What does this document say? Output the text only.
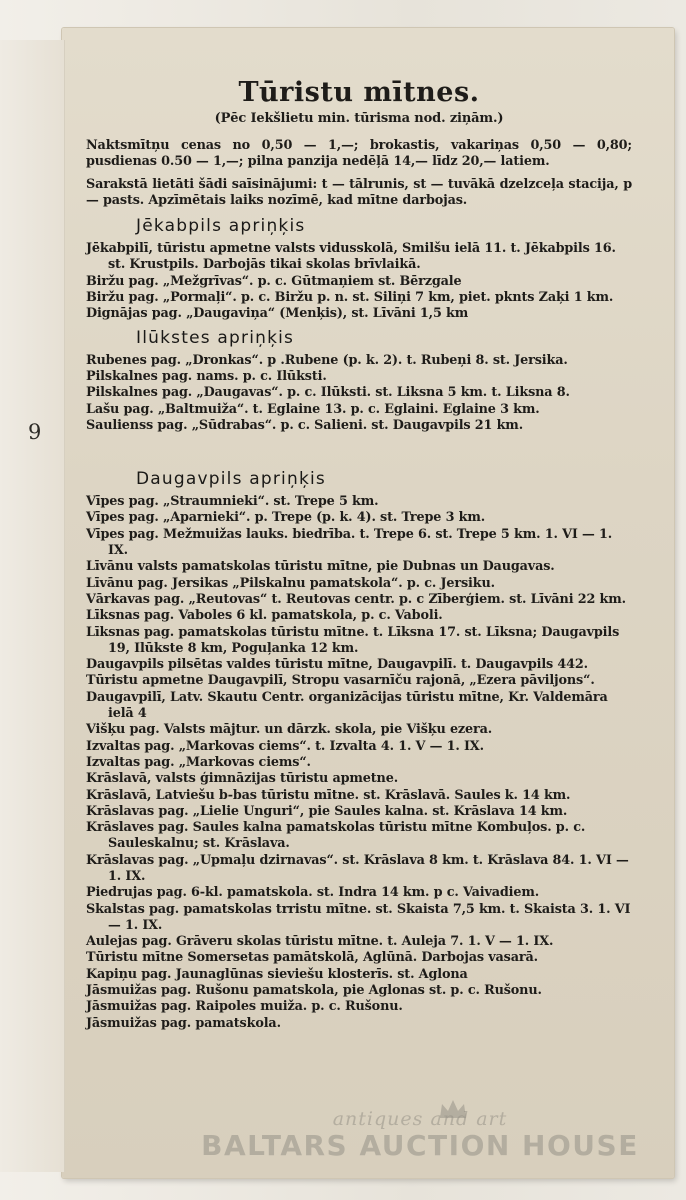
9
Tūristu mītnes.
(Pēc Iekšlietu min. tūrisma nod. ziņām.)
Naktsmītņu cenas no 0,50 — 1,—; brokastis, vakariņas 0,50 — 0,80; pusdienas 0.50 — 1,—; pilna panzija nedēļā 14,— līdz 20,— latiem.
Sarakstā lietāti šādi saīsinājumi: t — tālrunis, st — tuvākā dzelzceļa stacija, p — pasts. Apzīmētais laiks nozīmē, kad mītne darbojas.
Jēkabpils apriņķis
Jēkabpilī, tūristu apmetne valsts vidusskolā, Smilšu ielā 11. t. Jēkabpils 16. st. Krustpils. Darbojās tikai skolas brīvlaikā.
Biržu pag. „Mežgrīvas“. p. c. Gūtmaņiem st. Bērzgale
Biržu pag. „Pormaļi“. p. c. Biržu p. n. st. Siliņi 7 km, piet. pknts Zaķi 1 km.
Dignājas pag. „Daugaviņa“ (Menķis), st. Līvāni 1,5 km
Ilūkstes apriņķis
Rubenes pag. „Dronkas“. p .Rubene (p. k. 2). t. Rubeņi 8. st. Jersika.
Pilskalnes pag. nams. p. c. Ilūksti.
Pilskalnes pag. „Daugavas“. p. c. Ilūksti. st. Liksna 5 km. t. Liksna 8.
Lašu pag. „Baltmuiža“. t. Eglaine 13. p. c. Eglaini. Eglaine 3 km.
Saulienss pag. „Sūdrabas“. p. c. Salieni. st. Daugavpils 21 km.
Daugavpils apriņķis
Vīpes pag. „Straumnieki“. st. Trepe 5 km.
Vīpes pag. „Aparnieki“. p. Trepe (p. k. 4). st. Trepe 3 km.
Vīpes pag. Mežmuižas lauks. biedrība. t. Trepe 6. st. Trepe 5 km. 1. VI — 1. IX.
Līvānu valsts pamatskolas tūristu mītne, pie Dubnas un Daugavas.
Līvānu pag. Jersikas „Pilskalnu pamatskola“. p. c. Jersiku.
Vārkavas pag. „Reutovas“ t. Reutovas centr. p. c Zīberģiem. st. Līvāni 22 km.
Līksnas pag. Vaboles 6 kl. pamatskola, p. c. Vaboli.
Līksnas pag. pamatskolas tūristu mītne. t. Līksna 17. st. Līksna; Daugavpils 19, Ilūkste 8 km, Poguļanka 12 km.
Daugavpils pilsētas valdes tūristu mītne, Daugavpilī. t. Daugavpils 442.
Tūristu apmetne Daugavpilī, Stropu vasarnīču rajonā, „Ezera pāviljons“.
Daugavpilī, Latv. Skautu Centr. organizācijas tūristu mītne, Kr. Valdemāra ielā 4
Višķu pag. Valsts mājtur. un dārzk. skola, pie Višķu ezera.
Izvaltas pag. „Markovas ciems“. t. Izvalta 4. 1. V — 1. IX.
Izvaltas pag. „Markovas ciems“.
Krāslavā, valsts ģimnāzijas tūristu apmetne.
Krāslavā, Latviešu b-bas tūristu mītne. st. Krāslavā. Saules k. 14 km.
Krāslavas pag. „Lielie Unguri“, pie Saules kalna. st. Krāslava 14 km.
Krāslaves pag. Saules kalna pamatskolas tūristu mītne Kombuļos. p. c. Sauleskalnu; st. Krāslava.
Krāslavas pag. „Upmaļu dzirnavas“. st. Krāslava 8 km. t. Krāslava 84. 1. VI — 1. IX.
Piedrujas pag. 6-kl. pamatskola. st. Indra 14 km. p c. Vaivadiem.
Skalstas pag. pamatskolas trristu mītne. st. Skaista 7,5 km. t. Skaista 3. 1. VI — 1. IX.
Aulejas pag. Grāveru skolas tūristu mītne. t. Auleja 7. 1. V — 1. IX.
Tūristu mītne Somersetas pamātskolā, Aglūnā. Darbojas vasarā.
Kapiņu pag. Jaunaglūnas sieviešu klosterīs. st. Aglona
Jāsmuižas pag. Rušonu pamatskola, pie Aglonas st. p. c. Rušonu.
Jāsmuižas pag. Raipoles muiža. p. c. Rušonu.
Jāsmuižas pag. pamatskola.
antiques and art
BALTARS AUCTION HOUSE
